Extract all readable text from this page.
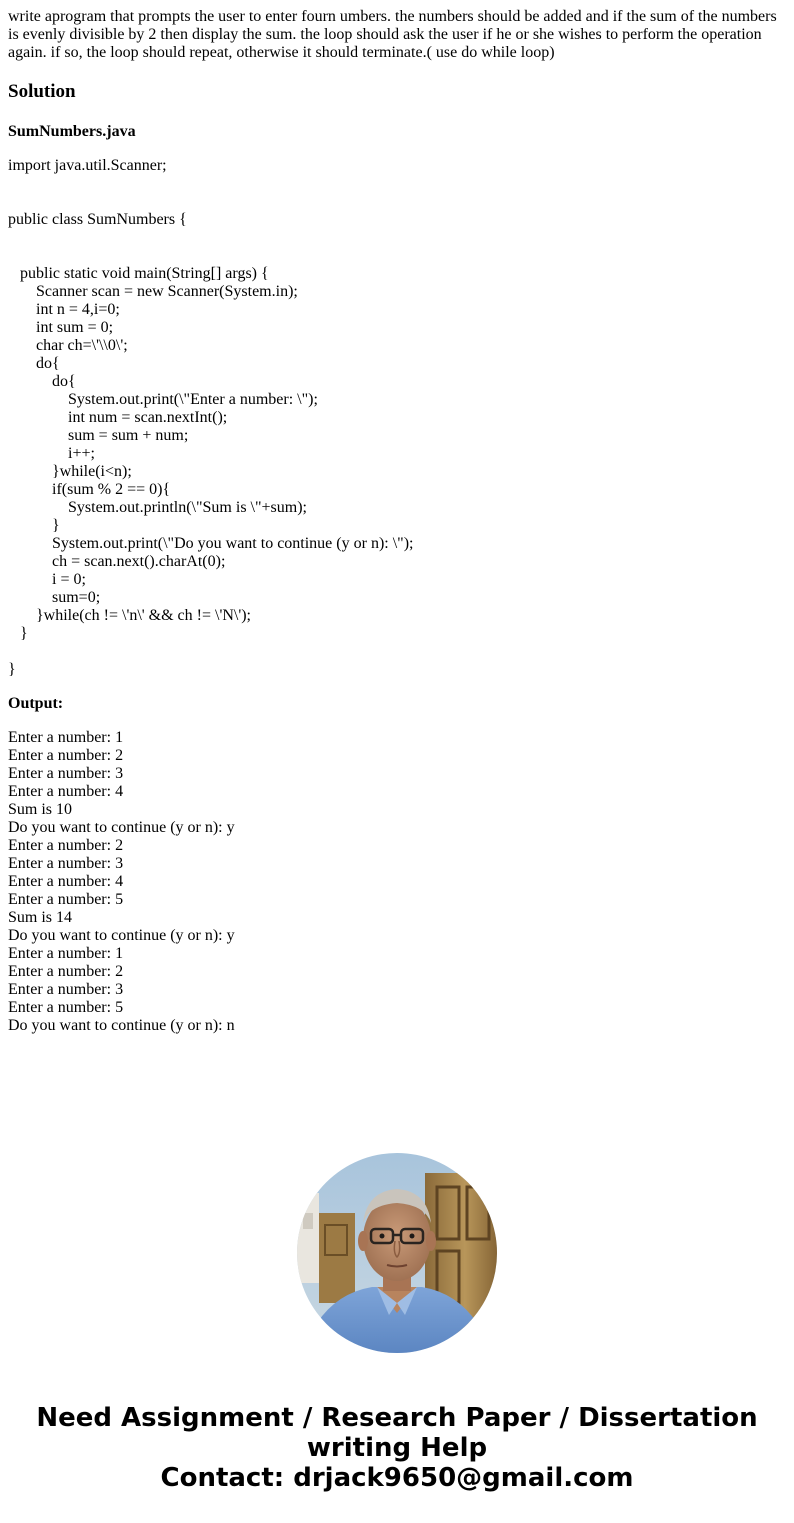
write aprogram that prompts the user to enter fourn umbers. the numbers should be added and if the sum of the numbers is evenly divisible by 2 then display the sum. the loop should ask the user if he or she wishes to perform the operation again. if so, the loop should repeat, otherwise it should terminate.( use do while loop)

Solution
SumNumbers.java
import java.util.Scanner;
public class SumNumbers {
public static void main(String[] args) {
Scanner scan = new Scanner(System.in);
int n = 4,i=0;
int sum = 0;
char ch=\'\\0\';
do{
do{
System.out.print(\"Enter a number: \");
int num = scan.nextInt();
sum = sum + num;
i++;
}while(i<n);
if(sum % 2 == 0){
System.out.println(\"Sum is \"+sum);
}
System.out.print(\"Do you want to continue (y or n): \");
ch = scan.next().charAt(0);
i = 0;
sum=0;
}while(ch != \'n\' && ch != \'N\');
}
}
Output:
Enter a number: 1
Enter a number: 2
Enter a number: 3
Enter a number: 4
Sum is 10
Do you want to continue (y or n): y
Enter a number: 2
Enter a number: 3
Enter a number: 4
Enter a number: 5
Sum is 14
Do you want to continue (y or n): y
Enter a number: 1
Enter a number: 2
Enter a number: 3
Enter a number: 5
Do you want to continue (y or n): n
Need Assignment / Research Paper / Dissertation
writing Help
Contact: drjack9650@gmail.com
